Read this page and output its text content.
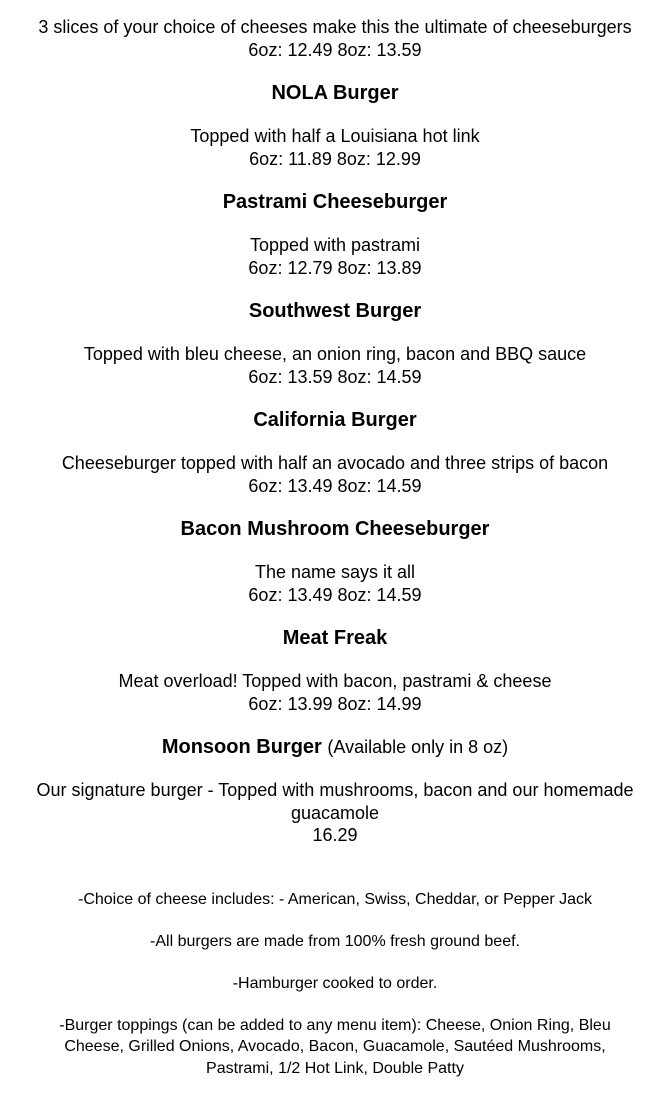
3 slices of your choice of cheeses make this the ultimate of cheeseburgers
6oz: 12.49 8oz: 13.59
NOLA Burger
Topped with half a Louisiana hot link
6oz: 11.89 8oz: 12.99
Pastrami Cheeseburger
Topped with pastrami
6oz: 12.79 8oz: 13.89
Southwest Burger
Topped with bleu cheese, an onion ring, bacon and BBQ sauce
6oz: 13.59 8oz: 14.59
California Burger
Cheeseburger topped with half an avocado and three strips of bacon
6oz: 13.49 8oz: 14.59
Bacon Mushroom Cheeseburger
The name says it all
6oz: 13.49 8oz: 14.59
Meat Freak
Meat overload! Topped with bacon, pastrami & cheese
6oz: 13.99 8oz: 14.99
Monsoon Burger (Available only in 8 oz)
Our signature burger - Topped with mushrooms, bacon and our homemade guacamole
16.29

-Choice of cheese includes: - American, Swiss, Cheddar, or Pepper Jack

-All burgers are made from 100% fresh ground beef.

-Hamburger cooked to order.

-Burger toppings (can be added to any menu item): Cheese, Onion Ring, Bleu Cheese, Grilled Onions, Avocado, Bacon, Guacamole, Sautéed Mushrooms, Pastrami, 1/2 Hot Link, Double Patty
